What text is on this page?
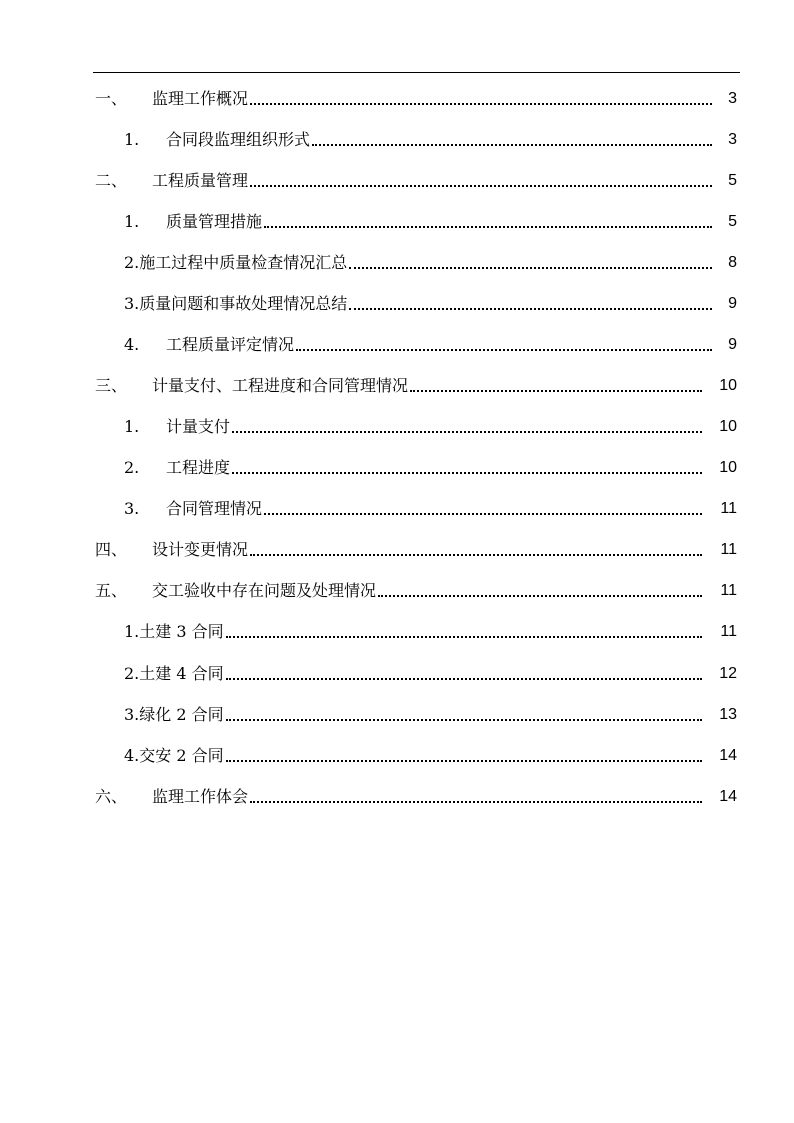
一、 监理工作概况	3
1. 合同段监理组织形式	3
二、 工程质量管理	5
1. 质量管理措施	5
2.施工过程中质量检查情况汇总	8
3.质量问题和事故处理情况总结	9
4. 工程质量评定情况	9
三、 计量支付、工程进度和合同管理情况	10
1. 计量支付	10
2. 工程进度	10
3. 合同管理情况	11
四、 设计变更情况	11
五、 交工验收中存在问题及处理情况	11
1.土建 3 合同	11
2.土建 4 合同	12
3.绿化 2 合同	13
4.交安 2 合同	14
六、 监理工作体会	14
